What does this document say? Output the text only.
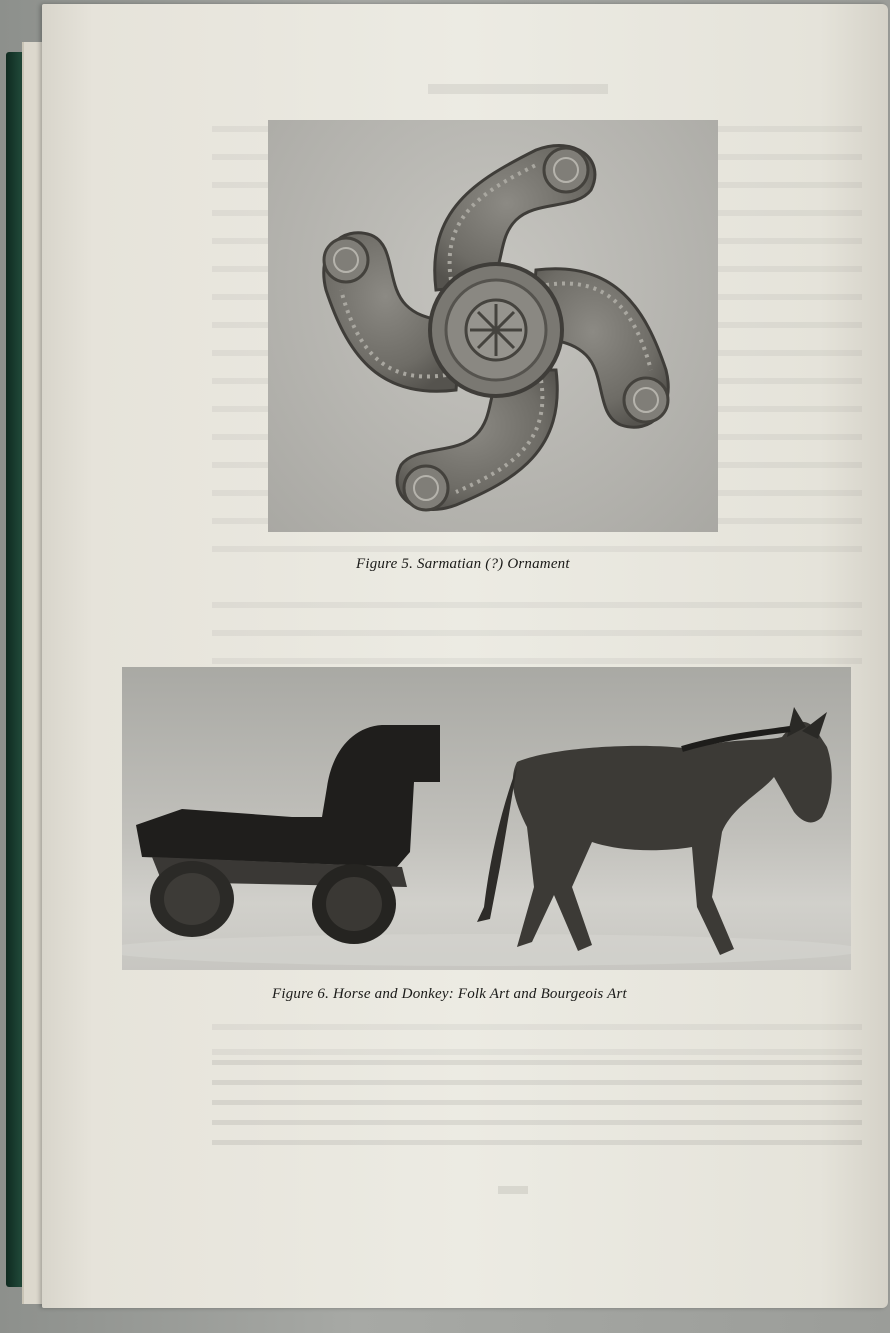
Figure 5. Sarmatian (?) Ornament
Figure 6. Horse and Donkey: Folk Art and Bourgeois Art
